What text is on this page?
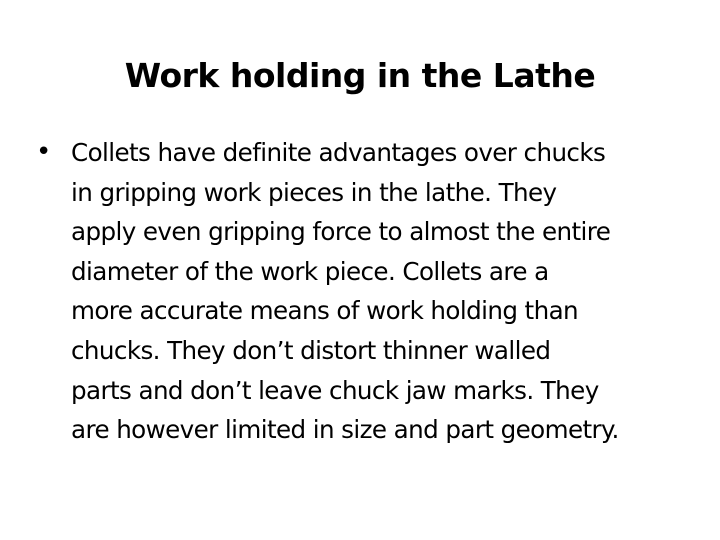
Work holding in the Lathe
• Collets have definite advantages over chucks
in gripping work pieces in the lathe. They
apply even gripping force to almost the entire
diameter of the work piece. Collets are a
more accurate means of work holding than
chucks. They don’t distort thinner walled
parts and don’t leave chuck jaw marks. They
are however limited in size and part geometry.
